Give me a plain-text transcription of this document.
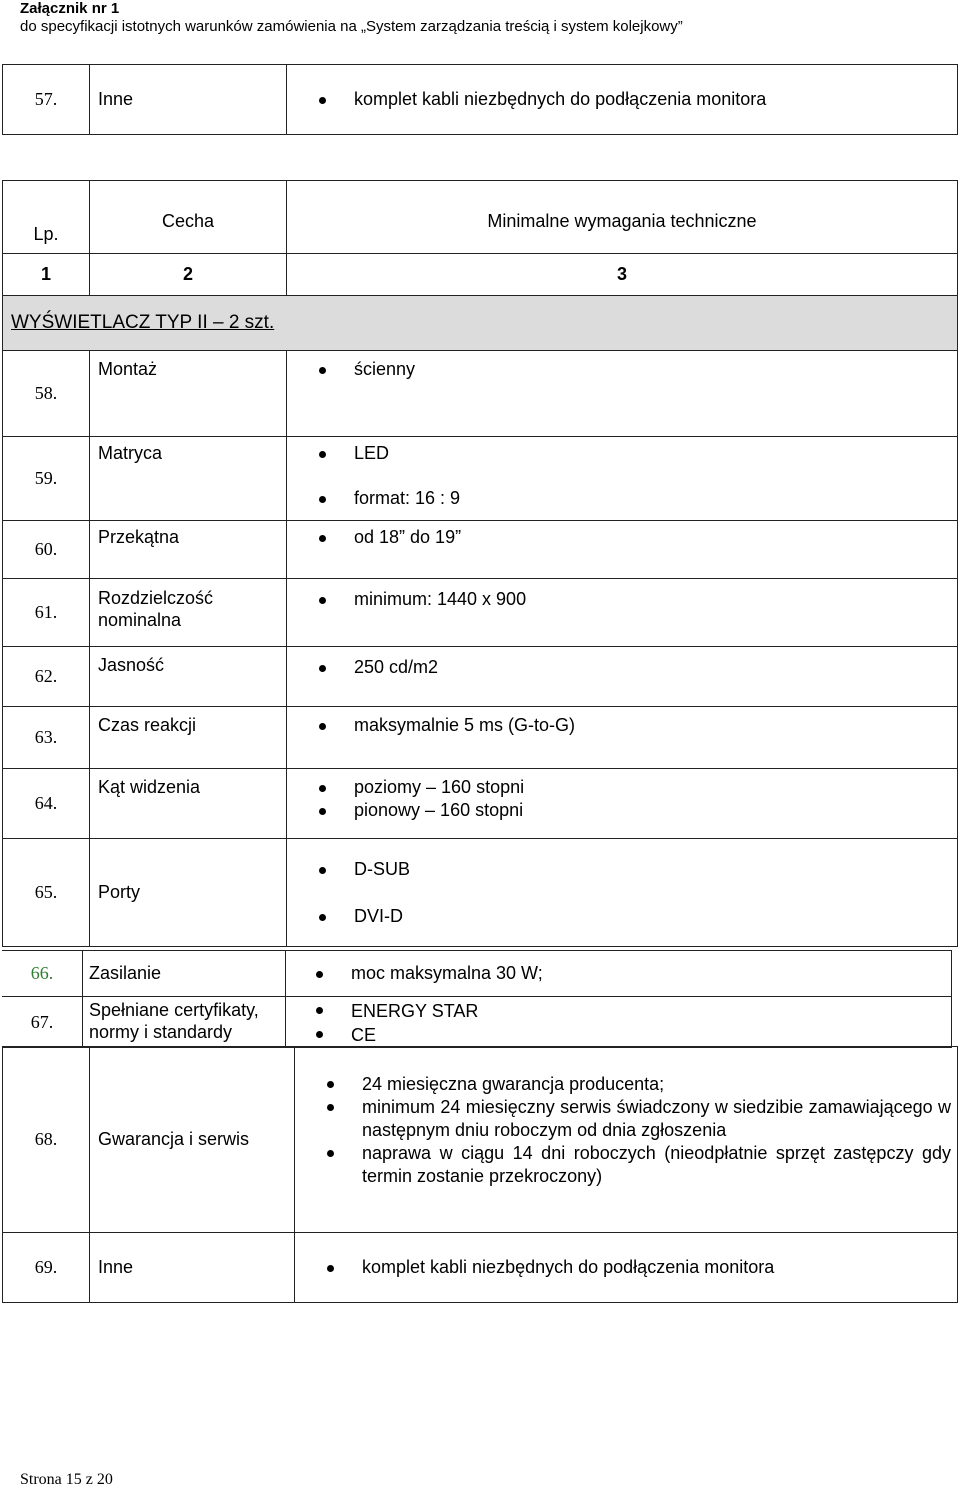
Załącznik nr 1
do specyfikacji istotnych warunków zamówienia na „System zarządzania treścią i system kolejkowy”
57.	Inne	komplet kabli niezbędnych do podłączenia monitora
Lp.	Cecha	Minimalne wymagania techniczne
1	2	3
WYŚWIETLACZ TYP II – 2 szt.		
58.	Montaż	ścienny

59.	Matryca	LED
format: 16 : 9

60.	Przekątna	od 18” do 19”

61.	Rozdzielczość nominalna	minimum: 1440 x 900

62.	Jasność	250 cd/m2

63.	Czas reakcji	maksymalnie 5 ms (G-to-G)

64.	Kąt widzenia	poziomy – 160 stopni
pionowy – 160 stopni

65.	Porty	D-SUB
DVI-D
66.	Zasilanie	moc maksymalna 30 W;

67.	Spełniane certyfikaty, normy i standardy	ENERGY STAR
CE
68.	Gwarancja i serwis	24 miesięczna gwarancja producenta;
minimum 24 miesięczny serwis świadczony w siedzibie zamawiającego w następnym dniu roboczym od dnia zgłoszenia
naprawa w ciągu 14 dni roboczych (nieodpłatnie sprzęt zastępczy gdy termin zostanie przekroczony)

69.	Inne	komplet kabli niezbędnych do podłączenia monitora
Strona 15 z 20
